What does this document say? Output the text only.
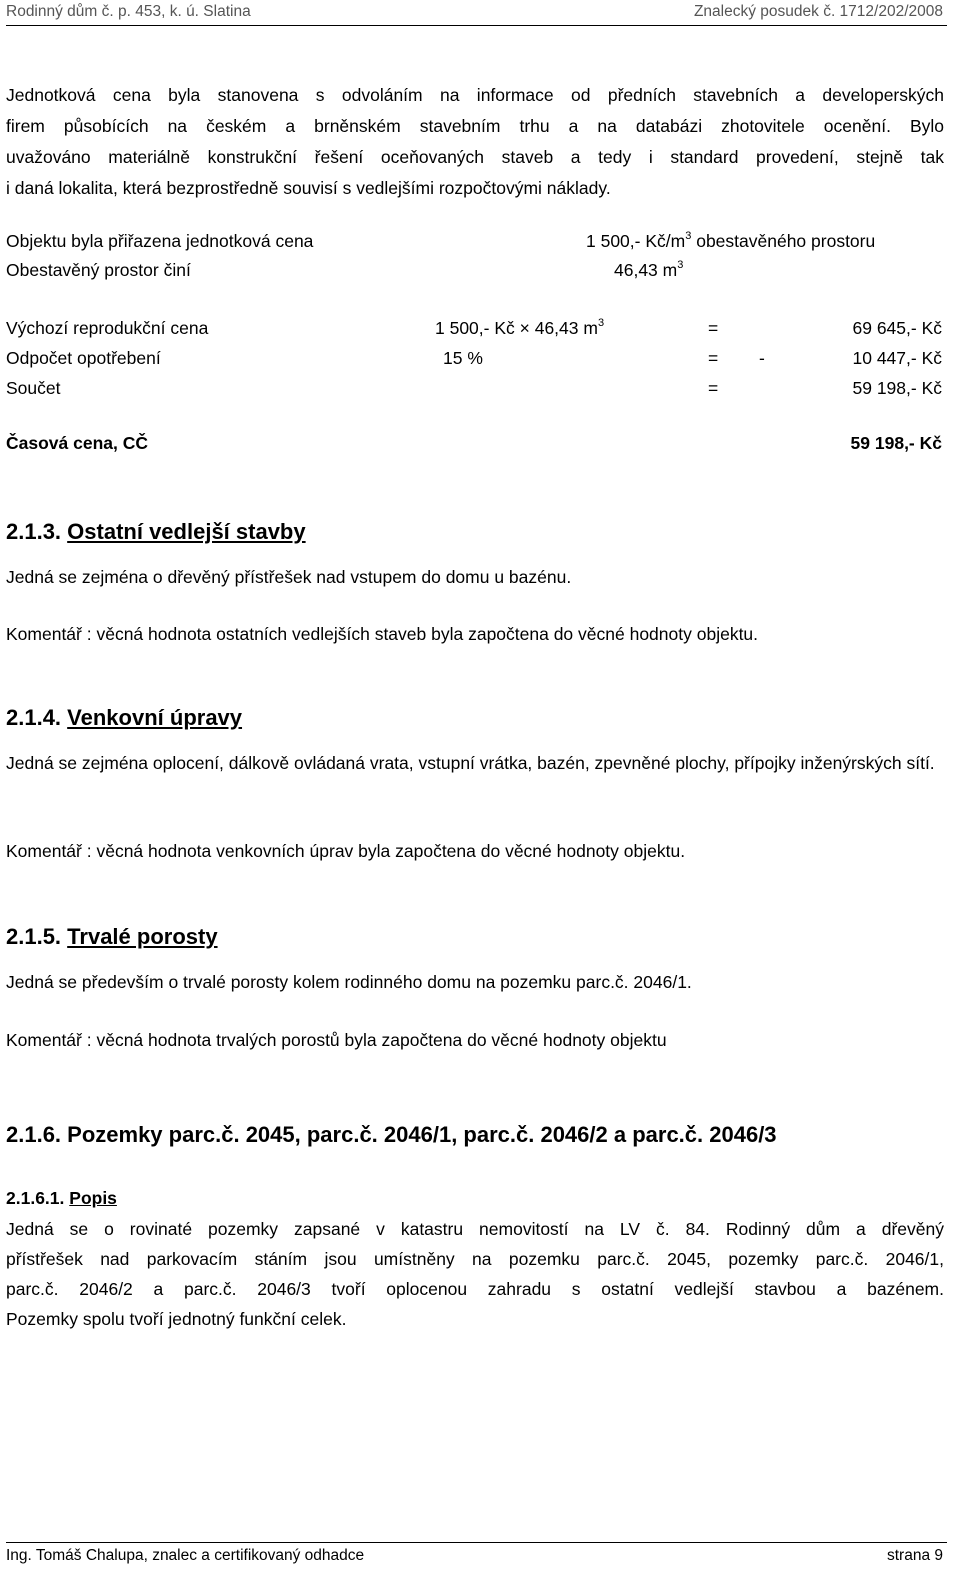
Rodinný dům č. p. 453, k. ú. Slatina	Znalecký posudek č. 1712/202/2008
Jednotková cena byla stanovena s odvoláním na informace od předních stavebních a developerských
firem působících na českém a brněnském stavebním trhu a na databázi zhotovitele ocenění. Bylo
uvažováno materiálně konstrukční řešení oceňovaných staveb a tedy i standard provedení, stejně tak
i daná lokalita, která bezprostředně souvisí s vedlejšími rozpočtovými náklady.
Objektu byla přiřazena jednotková cena	1 500,- $Kč/m^3$ obestavěného prostoru
Obestavěný prostor činí	46,43 $m^3$
Výchozí reprodukční cena	1 500,- Kč × 46,43 $m^3$	=	69 645,- Kč
Odpočet opotřebení	15 %	= -	10 447,- Kč
Součet	=	59 198,- Kč
Časová cena, CČ	59 198,- Kč
2.1.3. Ostatní vedlejší stavby
Jedná se zejména o dřevěný přístřešek nad vstupem do domu u bazénu.
Komentář : věcná hodnota ostatních vedlejších staveb byla započtena do věcné hodnoty objektu.
2.1.4. Venkovní úpravy
Jedná se zejména oplocení, dálkově ovládaná vrata, vstupní vrátka, bazén, zpevněné plochy, přípojky inženýrských sítí.
Komentář : věcná hodnota venkovních úprav byla započtena do věcné hodnoty objektu.
2.1.5. Trvalé porosty
Jedná se především o trvalé porosty kolem rodinného domu na pozemku parc.č. 2046/1.
Komentář : věcná hodnota trvalých porostů byla započtena do věcné hodnoty objektu
2.1.6. Pozemky parc.č. 2045, parc.č. 2046/1, parc.č. 2046/2 a parc.č. 2046/3
2.1.6.1. Popis
Jedná se o rovinaté pozemky zapsané v katastru nemovitostí na LV č. 84. Rodinný dům a dřevěný
přístřešek nad parkovacím stáním jsou umístněny na pozemku parc.č. 2045, pozemky parc.č. 2046/1,
parc.č. 2046/2 a parc.č. 2046/3 tvoří oplocenou zahradu s ostatní vedlejší stavbou a bazénem.
Pozemky spolu tvoří jednotný funkční celek.
Ing. Tomáš Chalupa, znalec a certifikovaný odhadce	strana 9
